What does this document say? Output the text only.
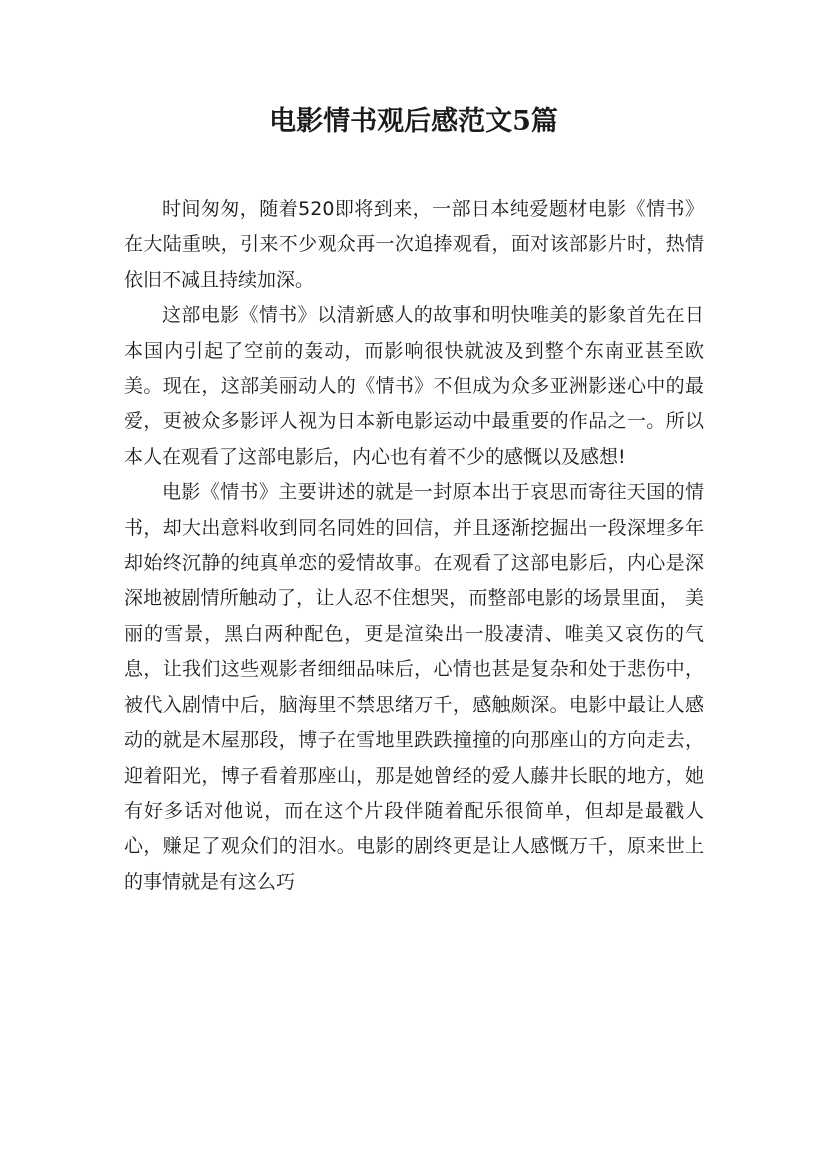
电影情书观后感范文5篇

时间匆匆，随着520即将到来，一部日本纯爱题材电影《情书》在大陆重映，引来不少观众再一次追捧观看，面对该部影片时，热情依旧不减且持续加深。

这部电影《情书》以清新感人的故事和明快唯美的影象首先在日本国内引起了空前的轰动，而影响很快就波及到整个东南亚甚至欧美。现在，这部美丽动人的《情书》不但成为众多亚洲影迷心中的最爱，更被众多影评人视为日本新电影运动中最重要的作品之一。所以本人在观看了这部电影后，内心也有着不少的感慨以及感想!

电影《情书》主要讲述的就是一封原本出于哀思而寄往天国的情书，却大出意料收到同名同姓的回信，并且逐渐挖掘出一段深埋多年却始终沉静的纯真单恋的爱情故事。在观看了这部电影后，内心是深深地被剧情所触动了，让人忍不住想哭，而整部电影的场景里面， 美丽的雪景，黑白两种配色，更是渲染出一股凄清、唯美又哀伤的气息，让我们这些观影者细细品味后，心情也甚是复杂和处于悲伤中，被代入剧情中后，脑海里不禁思绪万千，感触颇深。电影中最让人感动的就是木屋那段，博子在雪地里跌跌撞撞的向那座山的方向走去，迎着阳光，博子看着那座山，那是她曾经的爱人藤井长眠的地方，她有好多话对他说，而在这个片段伴随着配乐很简单，但却是最戳人心，赚足了观众们的泪水。电影的剧终更是让人感慨万千，原来世上的事情就是有这么巧
